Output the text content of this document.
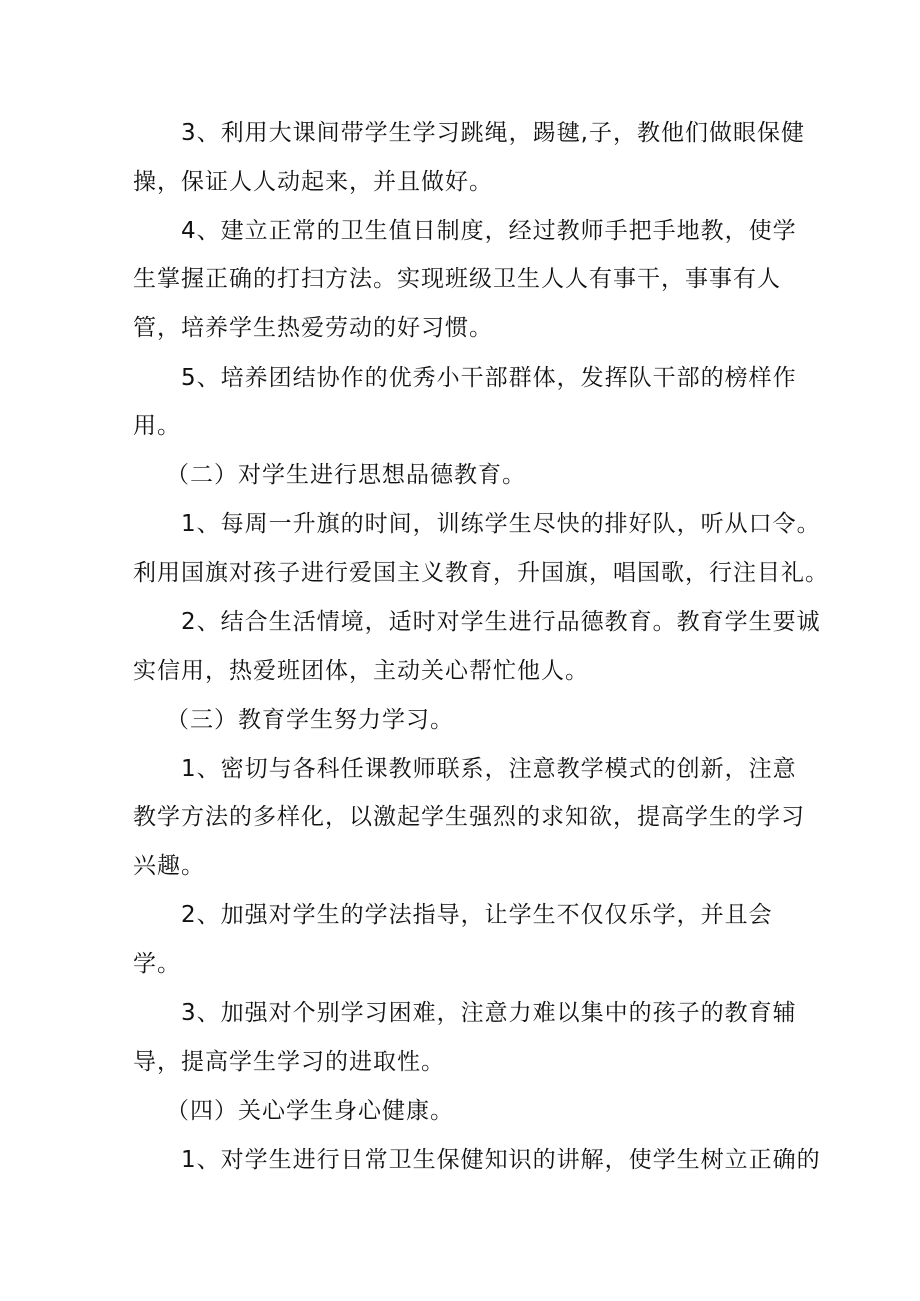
3、利用大课间带学生学习跳绳，踢毽,子，教他们做眼保健
操，保证人人动起来，并且做好。
4、建立正常的卫生值日制度，经过教师手把手地教，使学
生掌握正确的打扫方法。实现班级卫生人人有事干，事事有人
管，培养学生热爱劳动的好习惯。
5、培养团结协作的优秀小干部群体，发挥队干部的榜样作
用。
（二）对学生进行思想品德教育。
1、每周一升旗的时间，训练学生尽快的排好队，听从口令。
利用国旗对孩子进行爱国主义教育，升国旗，唱国歌，行注目礼。
2、结合生活情境，适时对学生进行品德教育。教育学生要诚
实信用，热爱班团体，主动关心帮忙他人。
（三）教育学生努力学习。
1、密切与各科任课教师联系，注意教学模式的创新，注意
教学方法的多样化，以激起学生强烈的求知欲，提高学生的学习
兴趣。
2、加强对学生的学法指导，让学生不仅仅乐学，并且会
学。
3、加强对个别学习困难，注意力难以集中的孩子的教育辅
导，提高学生学习的进取性。
（四）关心学生身心健康。
1、对学生进行日常卫生保健知识的讲解，使学生树立正确的
